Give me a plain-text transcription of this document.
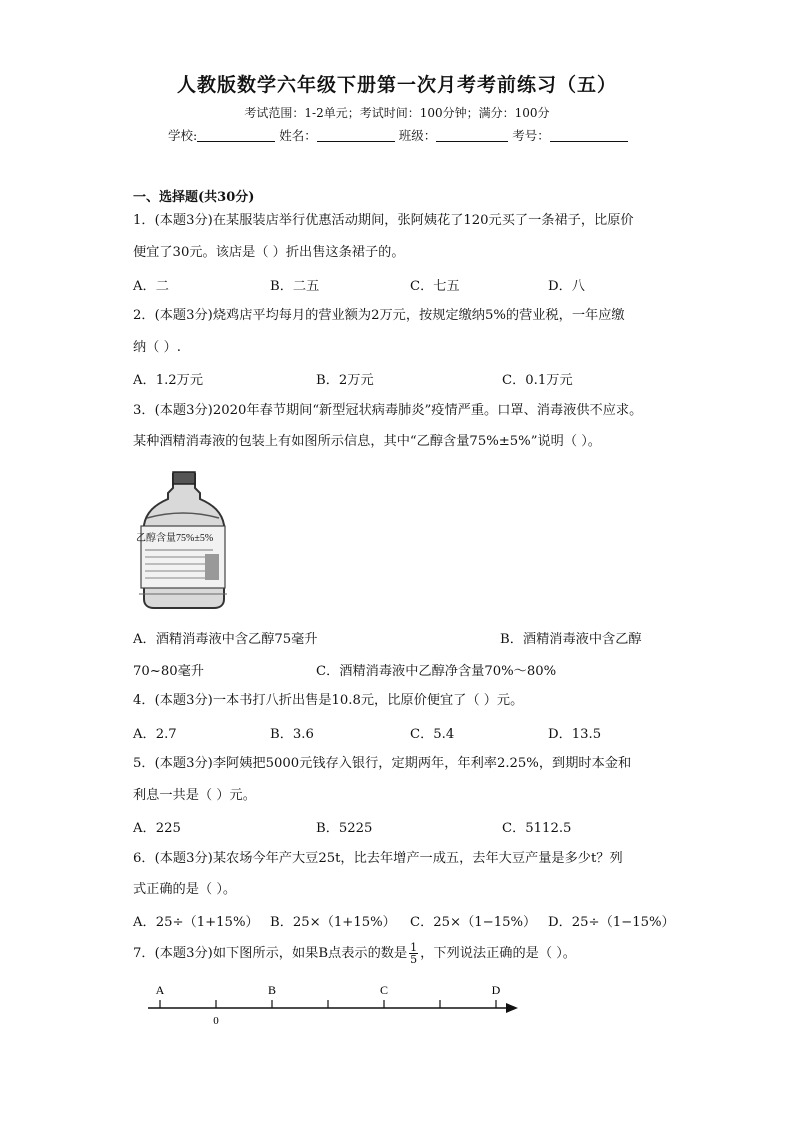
人教版数学六年级下册第一次月考考前练习（五）
考试范围：1-2单元；考试时间：100分钟；满分：100分
学校:	姓名：	班级：	考号：
一、选择题(共30分)
1．(本题3分)在某服装店举行优惠活动期间，张阿姨花了120元买了一条裙子，比原价
便宜了30元。该店是（ ）折出售这条裙子的。
A．二	B．二五	C．七五	D．八
2．(本题3分)烧鸡店平均每月的营业额为2万元，按规定缴纳5%的营业税，一年应缴
纳（ ）.
A．1.2万元	B．2万元	C．0.1万元
3．(本题3分)2020年春节期间“新型冠状病毒肺炎”疫情严重。口罩、消毒液供不应求。
某种酒精消毒液的包装上有如图所示信息，其中“乙醇含量75%±5%”说明（ ）。
乙醇含量75%±5%
A．酒精消毒液中含乙醇75毫升	B．酒精消毒液中含乙醇
70~80毫升	C．酒精消毒液中乙醇净含量70%～80%
4．(本题3分)一本书打八折出售是10.8元，比原价便宜了（ ）元。
A．2.7	B．3.6	C．5.4	D．13.5
5．(本题3分)李阿姨把5000元钱存入银行，定期两年，年利率2.25%，到期时本金和
利息一共是（ ）元。
A．225	B．5225	C．5112.5
6．(本题3分)某农场今年产大豆25t，比去年增产一成五，去年大豆产量是多少t？列
式正确的是（ ）。
A．25÷（1+15%） B．25×（1+15%） C．25×（1−15%） D．25÷（1−15%）
7．(本题3分)如下图所示，如果B点表示的数是 $\frac{1}{5}$ ，下列说法正确的是（ ）。
A	B	C	D
0
